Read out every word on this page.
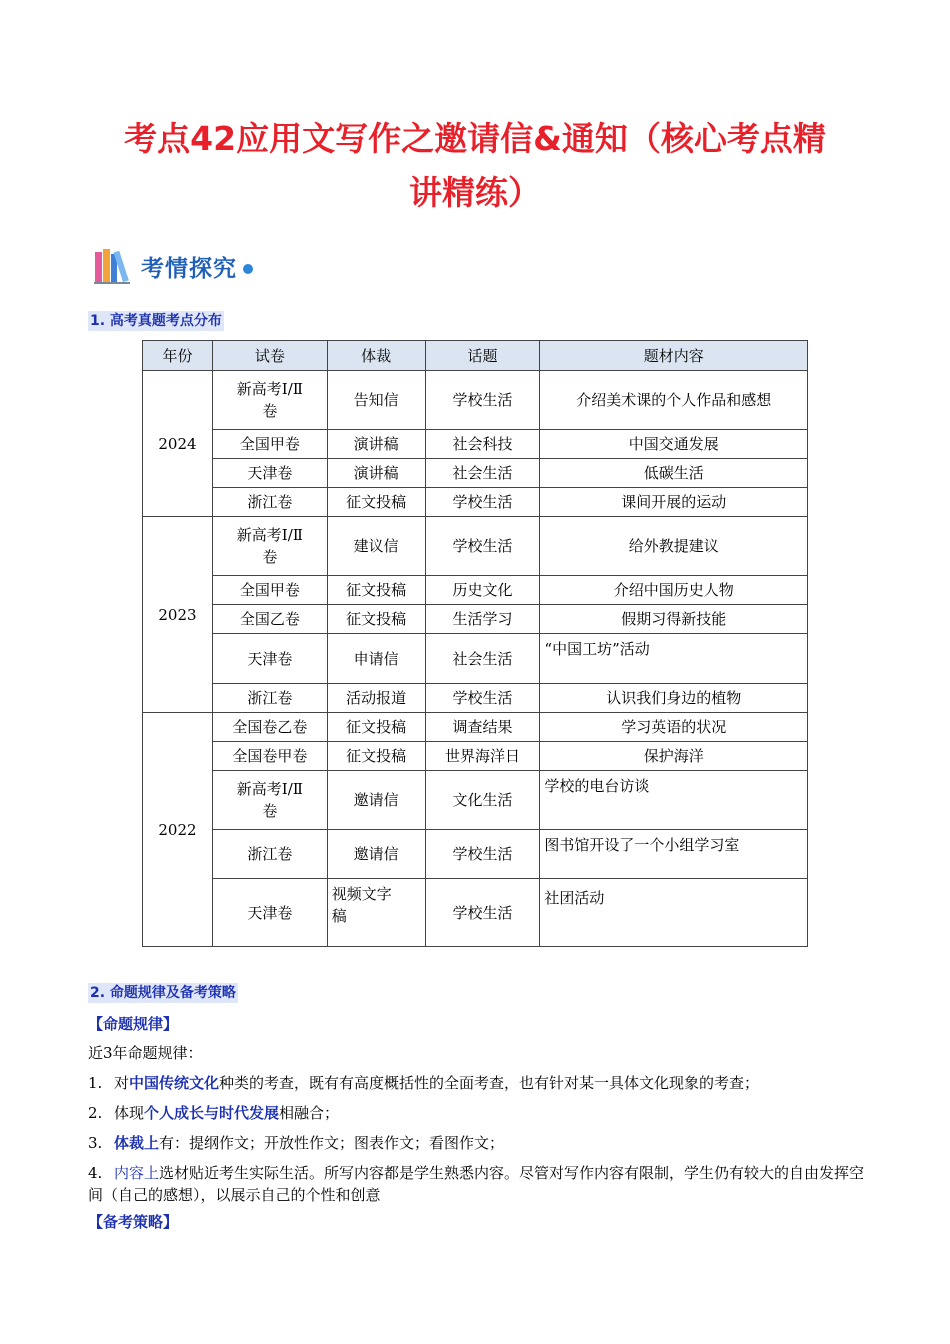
考点42应用文写作之邀请信&通知（核心考点精
讲精练）
考情探究
1. 高考真题考点分布
年份	试卷	体裁	话题	题材内容
2024	新高考Ⅰ/Ⅱ
卷	告知信	学校生活	介绍美术课的个人作品和感想
	全国甲卷	演讲稿	社会科技	中国交通发展
	天津卷	演讲稿	社会生活	低碳生活
	浙江卷	征文投稿	学校生活	课间开展的运动
2023	新高考Ⅰ/Ⅱ
卷	建议信	学校生活	给外教提建议
	全国甲卷	征文投稿	历史文化	介绍中国历史人物
	全国乙卷	征文投稿	生活学习	假期习得新技能
	天津卷	申请信	社会生活	“中国工坊”活动
	浙江卷	活动报道	学校生活	认识我们身边的植物
2022	全国卷乙卷	征文投稿	调查结果	学习英语的状况
	全国卷甲卷	征文投稿	世界海洋日	保护海洋
	新高考Ⅰ/Ⅱ
卷	邀请信	文化生活	学校的电台访谈
	浙江卷	邀请信	学校生活	图书馆开设了一个小组学习室
	天津卷	视频文字
稿	学校生活	社团活动
2. 命题规律及备考策略
【命题规律】
近3年命题规律：
1. 对中国传统文化种类的考查，既有有高度概括性的全面考查，也有针对某一具体文化现象的考查；
2. 体现个人成长与时代发展相融合；
3. 体裁上有：提纲作文；开放性作文；图表作文；看图作文；
4. 内容上选材贴近考生实际生活。所写内容都是学生熟悉内容。尽管对写作内容有限制，学生仍有较大的自由发挥空间（自己的感想），以展示自己的个性和创意
【备考策略】
